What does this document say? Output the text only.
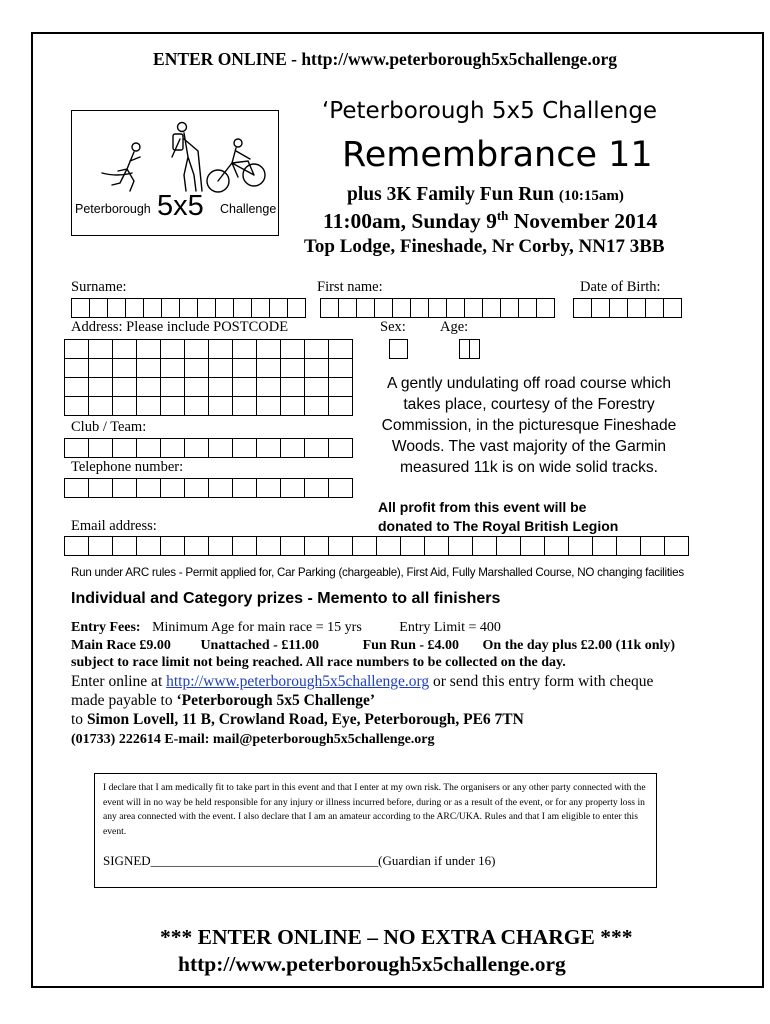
ENTER ONLINE - http://www.peterborough5x5challenge.org
Peterborough 5x5 Challenge
‘Peterborough 5x5 Challenge
Remembrance 11
plus 3K Family Fun Run (10:15am)
11:00am, Sunday 9th November 2014
Top Lodge, Fineshade, Nr Corby, NN17 3BB
Surname:	First name:	Date of Birth:
Address: Please include POSTCODE	Sex: Age:
Club / Team:
Telephone number:
Email address:
A gently undulating off road course which takes place, courtesy of the Forestry Commission, in the picturesque Fineshade Woods. The vast majority of the Garmin measured 11k is on wide solid tracks.
All profit from this event will be
donated to The Royal British Legion
Run under ARC rules - Permit applied for, Car Parking (chargeable), First Aid, Fully Marshalled Course, NO changing facilities
Individual and Category prizes - Memento to all finishers
Entry Fees: Minimum Age for main race = 15 yrs	Entry Limit = 400
Main Race £9.00 Unattached - £11.00	Fun Run - £4.00 On the day plus £2.00 (11k only)
subject to race limit not being reached. All race numbers to be collected on the day.
Enter online at http://www.peterborough5x5challenge.org or send this entry form with cheque
made payable to ‘Peterborough 5x5 Challenge’
to Simon Lovell, 11 B, Crowland Road, Eye, Peterborough, PE6 7TN
(01733) 222614 E-mail: mail@peterborough5x5challenge.org
I declare that I am medically fit to take part in this event and that I enter at my own risk. The organisers or any other party connected with the event will in no way be held responsible for any injury or illness incurred before, during or as a result of the event, or for any property loss in any area connected with the event. I also declare that I am an amateur according to the ARC/UKA. Rules and that I am eligible to enter this event.
SIGNED___________________________________(Guardian if under 16)
*** ENTER ONLINE – NO EXTRA CHARGE ***
http://www.peterborough5x5challenge.org
